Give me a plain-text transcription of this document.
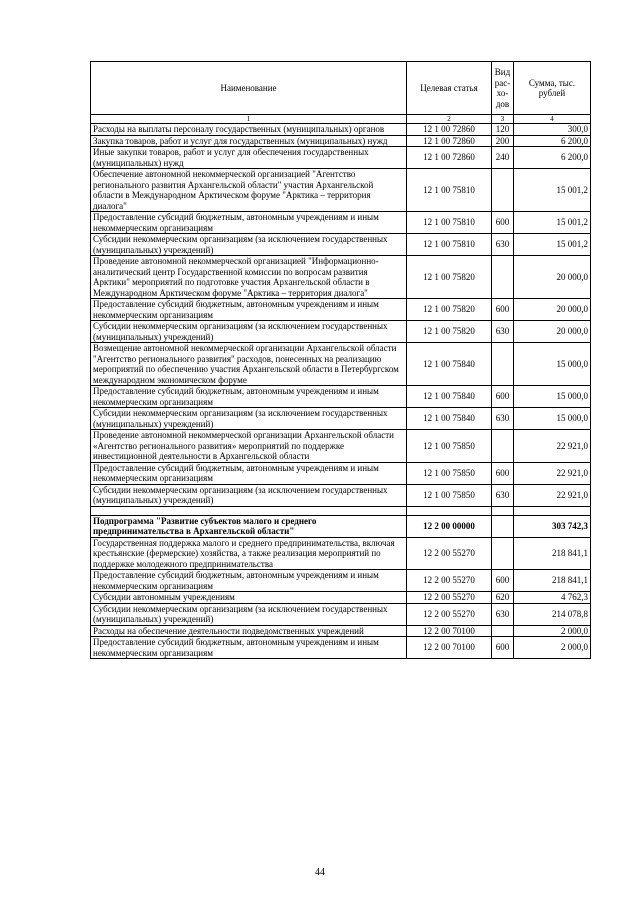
Наименование	Целевая статья	Вид рас- хо- дов	Сумма, тыс. рублей
1	2	3	4
Расходы на выплаты персоналу государственных (муниципальных) органов	12 1 00 72860	120	300,0
Закупка товаров, работ и услуг для государственных (муниципальных) нужд	12 1 00 72860	200	6 200,0
Иные закупки товаров, работ и услуг для обеспечения государственных (муниципальных) нужд	12 1 00 72860	240	6 200,0
Обеспечение автономной некоммерческой организацией "Агентство регионального развития Архангельской области" участия Архангельской области в Международном Арктическом форуме "Арктика – территория диалога"	12 1 00 75810		15 001,2
Предоставление субсидий бюджетным, автономным учреждениям и иным некоммерческим организациям	12 1 00 75810	600	15 001,2
Субсидии некоммерческим организациям (за исключением государственных (муниципальных) учреждений)	12 1 00 75810	630	15 001,2
Проведение автономной некоммерческой организацией "Информационно-аналитический центр Государственной комиссии по вопросам развития Арктики" мероприятий по подготовке участия Архангельской области в Международном Арктическом форуме "Арктика – территория диалога"	12 1 00 75820		20 000,0
Предоставление субсидий бюджетным, автономным учреждениям и иным некоммерческим организациям	12 1 00 75820	600	20 000,0
Субсидии некоммерческим организациям (за исключением государственных (муниципальных) учреждений)	12 1 00 75820	630	20 000,0
Возмещение автономной некоммерческой организации Архангельской области "Агентство регионального развития" расходов, понесенных на реализацию мероприятий по обеспечению участия Архангельской области в Петербургском международном экономическом форуме	12 1 00 75840		15 000,0
Предоставление субсидий бюджетным, автономным учреждениям и иным некоммерческим организациям	12 1 00 75840	600	15 000,0
Субсидии некоммерческим организациям (за исключением государственных (муниципальных) учреждений)	12 1 00 75840	630	15 000,0
Проведение автономной некоммерческой организации Архангельской области «Агентство регионального развития» мероприятий по поддержке инвестиционной деятельности в Архангельской области	12 1 00 75850		22 921,0
Предоставление субсидий бюджетным, автономным учреждениям и иным некоммерческим организациям	12 1 00 75850	600	22 921,0
Субсидии некоммерческим организациям (за исключением государственных (муниципальных) учреждений)	12 1 00 75850	630	22 921,0

Подпрограмма "Развитие субъектов малого и среднего предпринимательства в Архангельской области"	12 2 00 00000		303 742,3
Государственная поддержка малого и среднего предпринимательства, включая крестьянские (фермерские) хозяйства, а также реализация мероприятий по поддержке молодежного предпринимательства	12 2 00 55270		218 841,1
Предоставление субсидий бюджетным, автономным учреждениям и иным некоммерческим организациям	12 2 00 55270	600	218 841,1
Субсидии автономным учреждениям	12 2 00 55270	620	4 762,3
Субсидии некоммерческим организациям (за исключением государственных (муниципальных) учреждений)	12 2 00 55270	630	214 078,8
Расходы на обеспечение деятельности подведомственных учреждений	12 2 00 70100		2 000,0
Предоставление субсидий бюджетным, автономным учреждениям и иным некоммерческим организациям	12 2 00 70100	600	2 000,0
44
